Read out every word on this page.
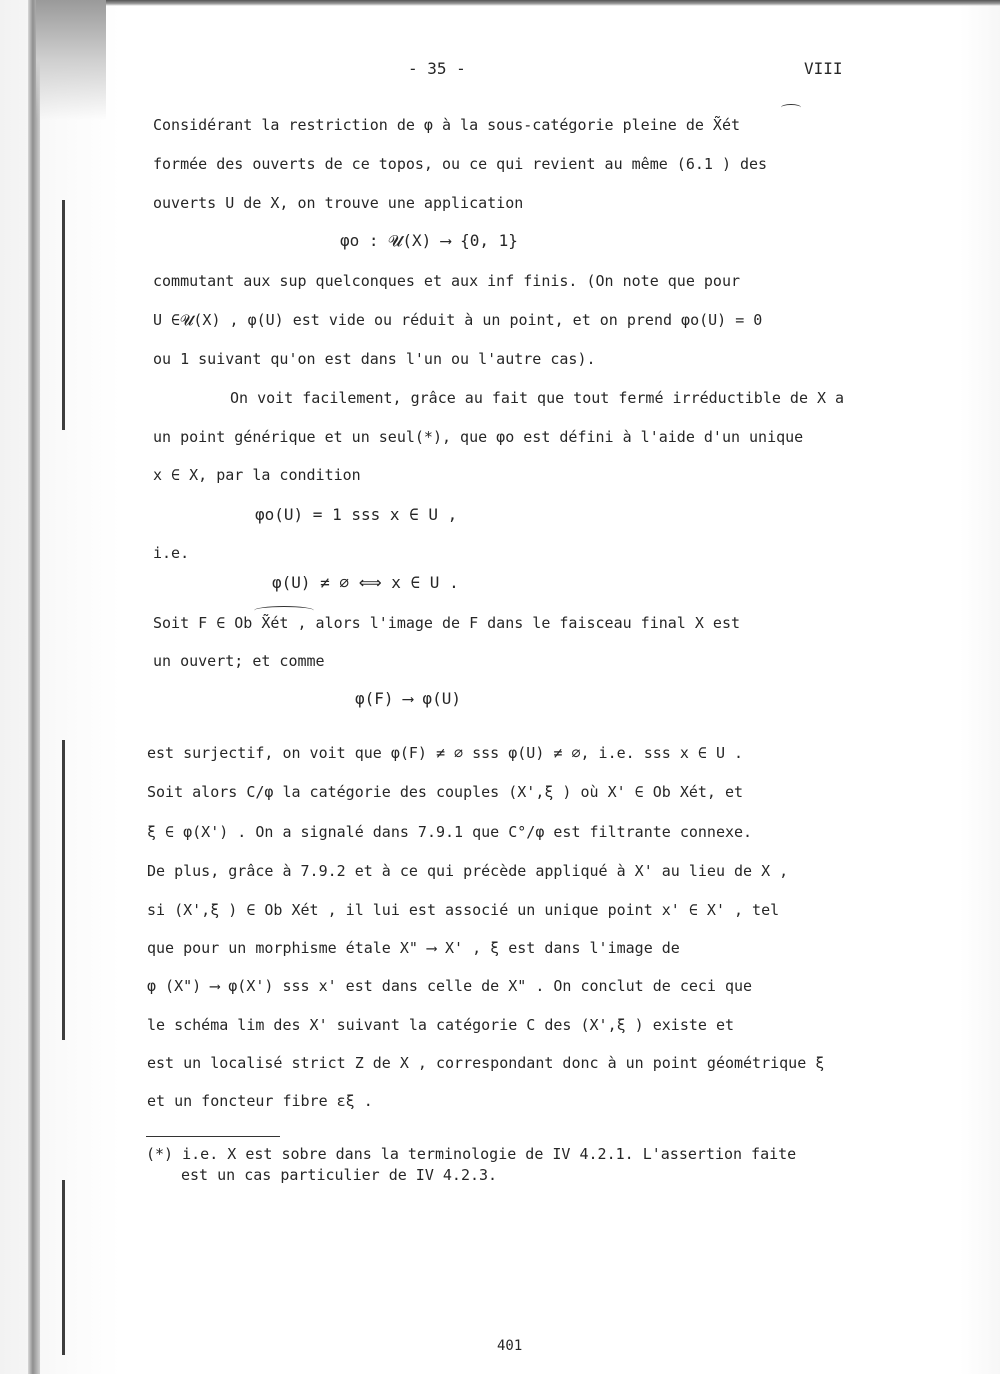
- 35 -	VIII
Considérant la restriction de φ à la sous-catégorie pleine de X̃ét
formée des ouverts de ce topos, ou ce qui revient au même (6.1 ) des
ouverts U de X, on trouve une application
φo : 𝓤(X) ⟶ {0, 1}
commutant aux sup quelconques et aux inf finis. (On note que pour
U ∈𝓤(X) , φ(U) est vide ou réduit à un point, et on prend φo(U) = 0
ou 1 suivant qu'on est dans l'un ou l'autre cas).
On voit facilement, grâce au fait que tout fermé irréductible de X a
un point générique et un seul(*), que φo est défini à l'aide d'un unique
x ∈ X, par la condition
φo(U) = 1 sss x ∈ U ,
i.e.
φ(U) ≠ ∅ ⟺ x ∈ U .
Soit F ∈ Ob X̃ét , alors l'image de F dans le faisceau final X est
un ouvert; et comme
φ(F) ⟶ φ(U)
est surjectif, on voit que φ(F) ≠ ∅ sss φ(U) ≠ ∅, i.e. sss x ∈ U .
Soit alors C/φ la catégorie des couples (X',ξ ) où X' ∈ Ob Xét, et
ξ ∈ φ(X') . On a signalé dans 7.9.1 que C°/φ est filtrante connexe.
De plus, grâce à 7.9.2 et à ce qui précède appliqué à X' au lieu de X ,
si (X',ξ ) ∈ Ob Xét , il lui est associé un unique point x' ∈ X' , tel
que pour un morphisme étale X" ⟶ X' , ξ est dans l'image de
φ (X") ⟶ φ(X') sss x' est dans celle de X" . On conclut de ceci que
le schéma lim des X' suivant la catégorie C des (X',ξ ) existe et
est un localisé strict Z de X , correspondant donc à un point géométrique ξ
et un foncteur fibre εξ .
(*) i.e. X est sobre dans la terminologie de IV 4.2.1. L'assertion faite
est un cas particulier de IV 4.2.3.
401
